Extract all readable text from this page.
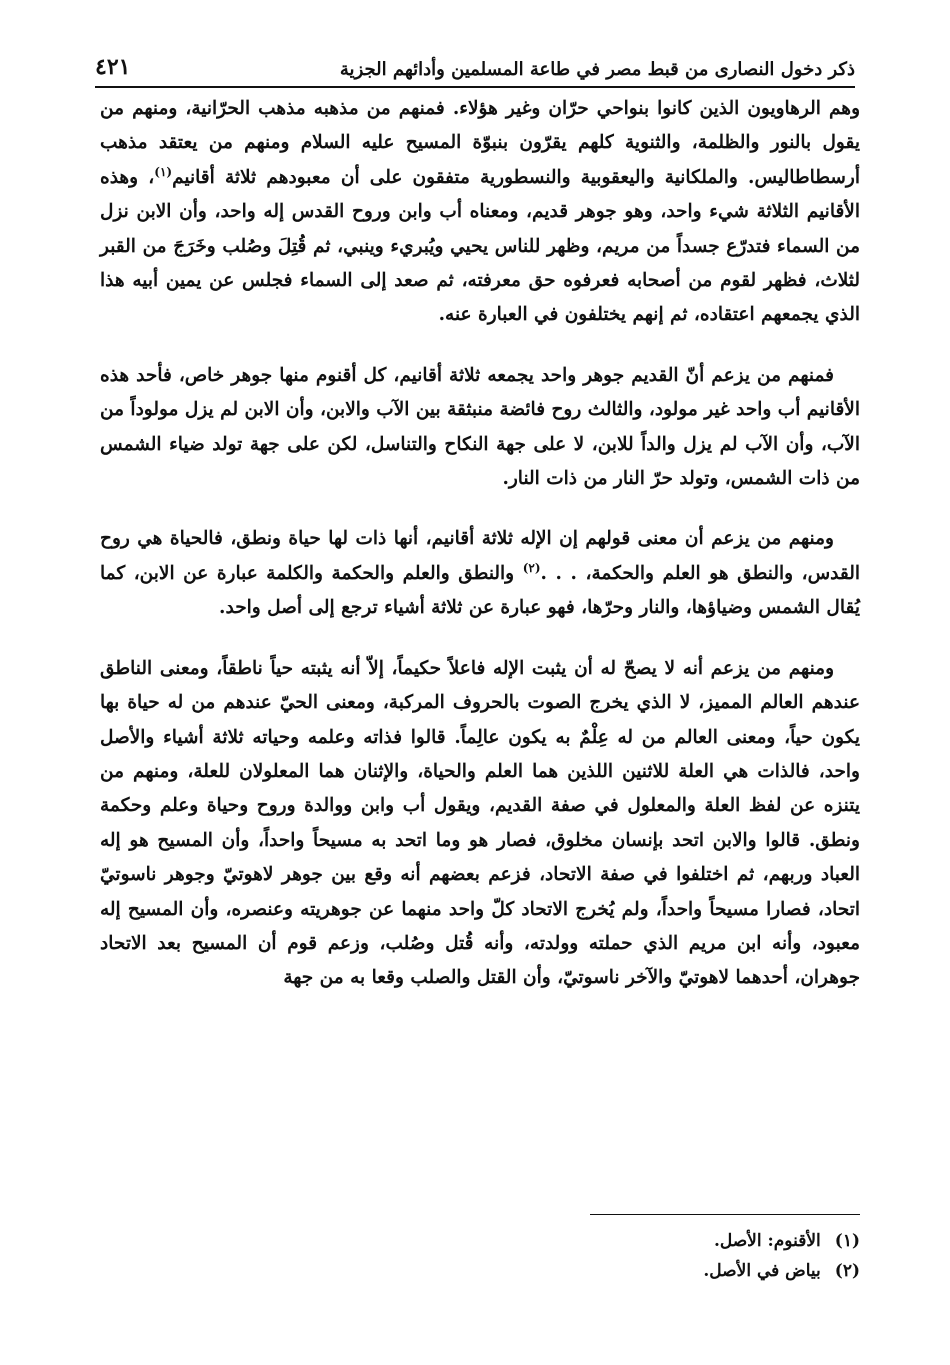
ذكر دخول النصارى من قبط مصر في طاعة المسلمين وأدائهم الجزية
٤٢١

وهم الرهاويون الذين كانوا بنواحي حرّان وغير هؤلاء. فمنهم من مذهبه مذهب الحرّانية، ومنهم من يقول بالنور والظلمة، والثنوية كلهم يقرّون بنبوّة المسيح عليه السلام ومنهم من يعتقد مذهب أرسطاطاليس. والملكانية واليعقوبية والنسطورية متفقون على أن معبودهم ثلاثة أقانيم$^{(١)}$، وهذه الأقانيم الثلاثة شيء واحد، وهو جوهر قديم، ومعناه أب وابن وروح القدس إله واحد، وأن الابن نزل من السماء فتدرّع جسداً من مريم، وظهر للناس يحيي ويُبريء وينبي، ثم قُتِلَ وصُلب وخَرَجَ من القبر لثلاث، فظهر لقوم من أصحابه فعرفوه حق معرفته، ثم صعد إلى السماء فجلس عن يمين أبيه هذا الذي يجمعهم اعتقاده، ثم إنهم يختلفون في العبارة عنه.

فمنهم من يزعم أنّ القديم جوهر واحد يجمعه ثلاثة أقانيم، كل أقنوم منها جوهر خاص، فأحد هذه الأقانيم أب واحد غير مولود، والثالث روح فائضة منبثقة بين الآب والابن، وأن الابن لم يزل مولوداً من الآب، وأن الآب لم يزل والداً للابن، لا على جهة النكاح والتناسل، لكن على جهة تولد ضياء الشمس من ذات الشمس، وتولد حرّ النار من ذات النار.

ومنهم من يزعم أن معنى قولهم إن الإله ثلاثة أقانيم، أنها ذات لها حياة ونطق، فالحياة هي روح القدس، والنطق هو العلم والحكمة، . . .$^{(٢)}$ والنطق والعلم والحكمة والكلمة عبارة عن الابن، كما يُقال الشمس وضياؤها، والنار وحرّها، فهو عبارة عن ثلاثة أشياء ترجع إلى أصل واحد.

ومنهم من يزعم أنه لا يصحّ له أن يثبت الإله فاعلاً حكيماً، إلاّ أنه يثبته حياً ناطقاً، ومعنى الناطق عندهم العالم المميز، لا الذي يخرج الصوت بالحروف المركبة، ومعنى الحيّ عندهم من له حياة بها يكون حياً، ومعنى العالم من له عِلْمٌ به يكون عالِماً. قالوا فذاته وعلمه وحياته ثلاثة أشياء والأصل واحد، فالذات هي العلة للاثنين اللذين هما العلم والحياة، والإثنان هما المعلولان للعلة، ومنهم من يتنزه عن لفظ العلة والمعلول في صفة القديم، ويقول أب وابن ووالدة وروح وحياة وعلم وحكمة ونطق. قالوا والابن اتحد بإنسان مخلوق، فصار هو وما اتحد به مسيحاً واحداً، وأن المسيح هو إله العباد وربهم، ثم اختلفوا في صفة الاتحاد، فزعم بعضهم أنه وقع بين جوهر لاهوتيّ وجوهر ناسوتيّ اتحاد، فصارا مسيحاً واحداً، ولم يُخرج الاتحاد كلّ واحد منهما عن جوهريته وعنصره، وأن المسيح إله معبود، وأنه ابن مريم الذي حملته وولدته، وأنه قُتل وصُلب، وزعم قوم أن المسيح بعد الاتحاد جوهران، أحدهما لاهوتيّ والآخر ناسوتيّ، وأن القتل والصلب وقعا به من جهة

(١)الأقنوم: الأصل.
(٢)بياض في الأصل.
